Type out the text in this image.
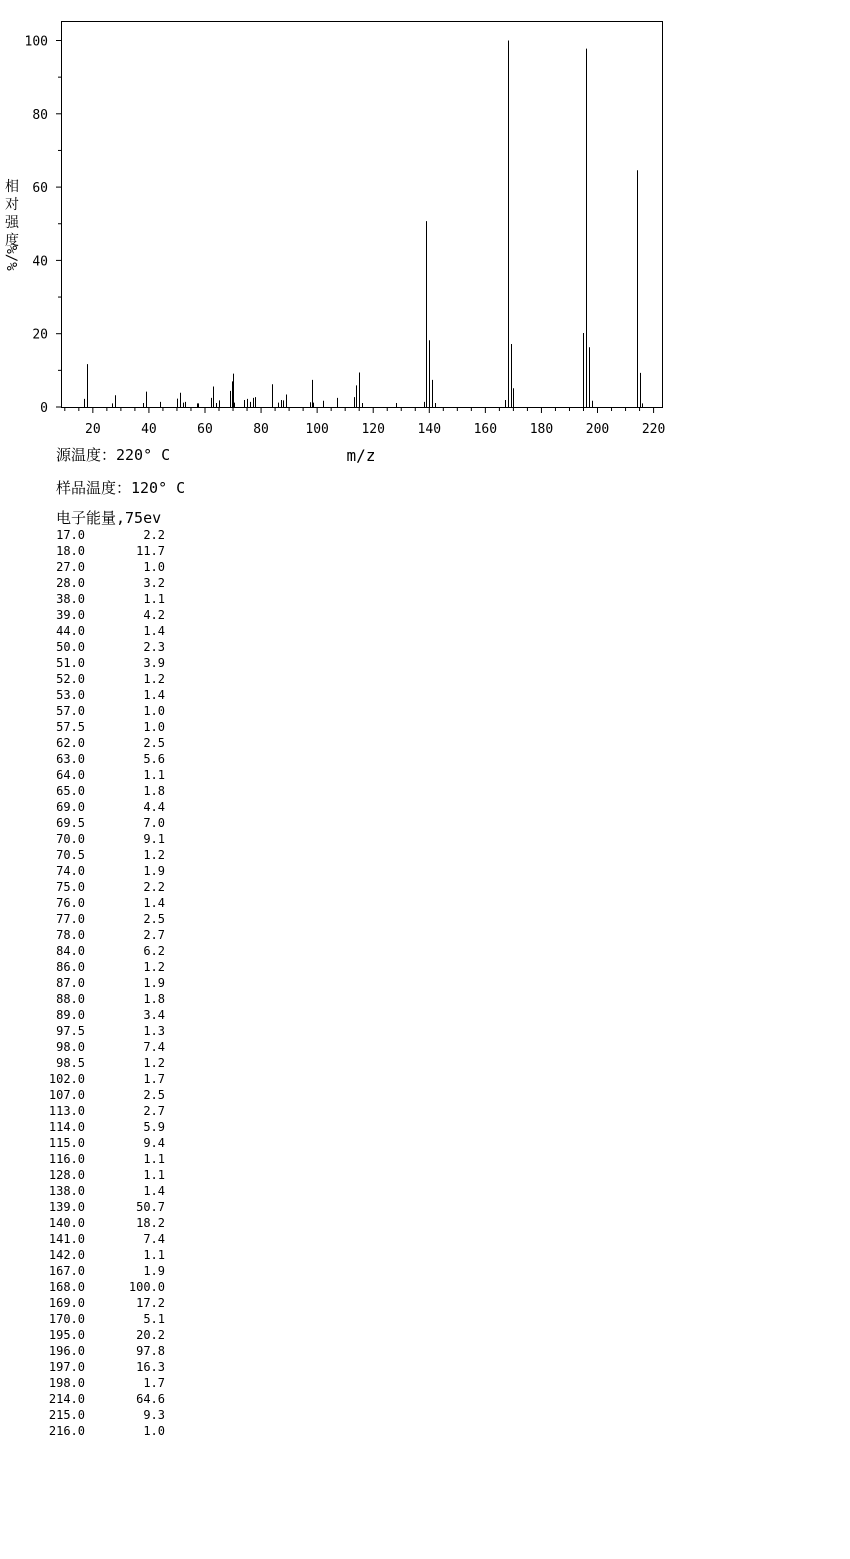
20	40	60	80	100	120	140	160	180	200	220
0
20
40
60
80
100
相
对
强
度
%/%
m/z
源温度：220° C
样品温度：120° C
电子能量,75ev
17.0	2.2
18.0	11.7
27.0	1.0
28.0	3.2
38.0	1.1
39.0	4.2
44.0	1.4
50.0	2.3
51.0	3.9
52.0	1.2
53.0	1.4
57.0	1.0
57.5	1.0
62.0	2.5
63.0	5.6
64.0	1.1
65.0	1.8
69.0	4.4
69.5	7.0
70.0	9.1
70.5	1.2
74.0	1.9
75.0	2.2
76.0	1.4
77.0	2.5
78.0	2.7
84.0	6.2
86.0	1.2
87.0	1.9
88.0	1.8
89.0	3.4
97.5	1.3
98.0	7.4
98.5	1.2
102.0	1.7
107.0	2.5
113.0	2.7
114.0	5.9
115.0	9.4
116.0	1.1
128.0	1.1
138.0	1.4
139.0	50.7
140.0	18.2
141.0	7.4
142.0	1.1
167.0	1.9
168.0	100.0
169.0	17.2
170.0	5.1
195.0	20.2
196.0	97.8
197.0	16.3
198.0	1.7
214.0	64.6
215.0	9.3
216.0	1.0
